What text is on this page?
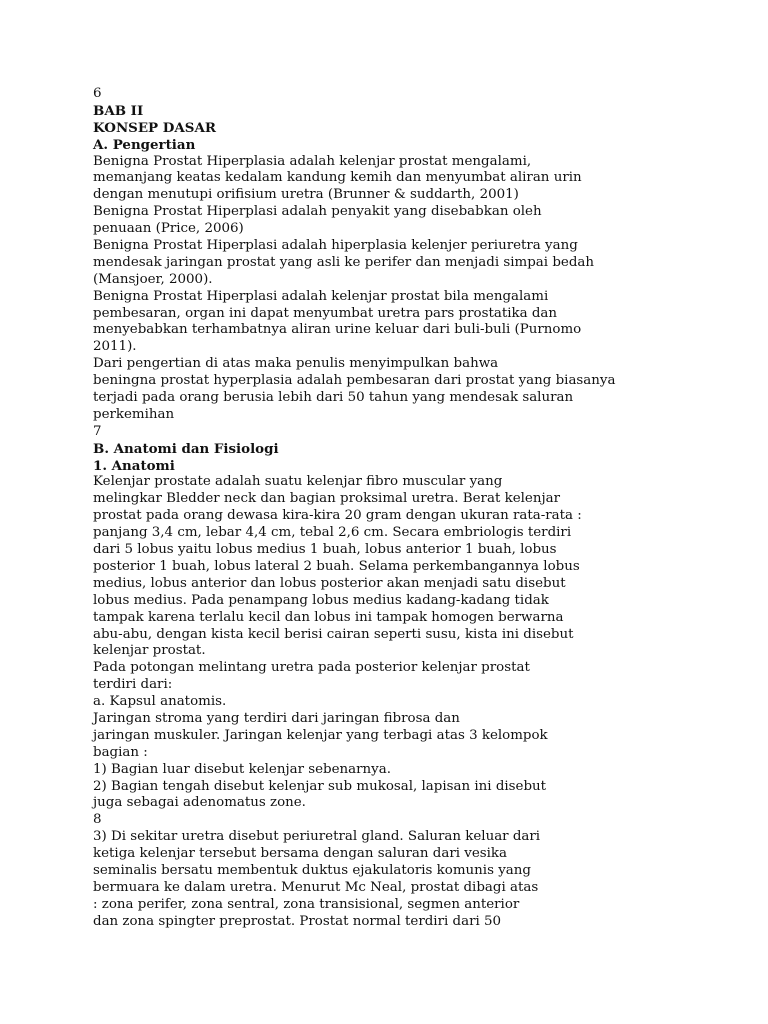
6
BAB II
KONSEP DASAR
A. Pengertian
Benigna Prostat Hiperplasia adalah kelenjar prostat mengalami,
memanjang keatas kedalam kandung kemih dan menyumbat aliran urin
dengan menutupi orifisium uretra (Brunner & suddarth, 2001)
Benigna Prostat Hiperplasi adalah penyakit yang disebabkan oleh
penuaan (Price, 2006)
Benigna Prostat Hiperplasi adalah hiperplasia kelenjer periuretra yang
mendesak jaringan prostat yang asli ke perifer dan menjadi simpai bedah
(Mansjoer, 2000).
Benigna Prostat Hiperplasi adalah kelenjar prostat bila mengalami
pembesaran, organ ini dapat menyumbat uretra pars prostatika dan
menyebabkan terhambatnya aliran urine keluar dari buli-buli (Purnomo
2011).
Dari pengertian di atas maka penulis menyimpulkan bahwa
beningna prostat hyperplasia adalah pembesaran dari prostat yang biasanya
terjadi pada orang berusia lebih dari 50 tahun yang mendesak saluran
perkemihan
7
B. Anatomi dan Fisiologi
1. Anatomi
Kelenjar prostate adalah suatu kelenjar fibro muscular yang
melingkar Bledder neck dan bagian proksimal uretra. Berat kelenjar
prostat pada orang dewasa kira-kira 20 gram dengan ukuran rata-rata :
panjang 3,4 cm, lebar 4,4 cm, tebal 2,6 cm. Secara embriologis terdiri
dari 5 lobus yaitu lobus medius 1 buah, lobus anterior 1 buah, lobus
posterior 1 buah, lobus lateral 2 buah. Selama perkembangannya lobus
medius, lobus anterior dan lobus posterior akan menjadi satu disebut
lobus medius. Pada penampang lobus medius kadang-kadang tidak
tampak karena terlalu kecil dan lobus ini tampak homogen berwarna
abu-abu, dengan kista kecil berisi cairan seperti susu, kista ini disebut
kelenjar prostat.
Pada potongan melintang uretra pada posterior kelenjar prostat
terdiri dari:
a. Kapsul anatomis.
Jaringan stroma yang terdiri dari jaringan fibrosa dan
jaringan muskuler. Jaringan kelenjar yang terbagi atas 3 kelompok
bagian :
1) Bagian luar disebut kelenjar sebenarnya.
2) Bagian tengah disebut kelenjar sub mukosal, lapisan ini disebut
juga sebagai adenomatus zone.
8
3) Di sekitar uretra disebut periuretral gland. Saluran keluar dari
ketiga kelenjar tersebut bersama dengan saluran dari vesika
seminalis bersatu membentuk duktus ejakulatoris komunis yang
bermuara ke dalam uretra. Menurut Mc Neal, prostat dibagi atas
: zona perifer, zona sentral, zona transisional, segmen anterior
dan zona spingter preprostat. Prostat normal terdiri dari 50
